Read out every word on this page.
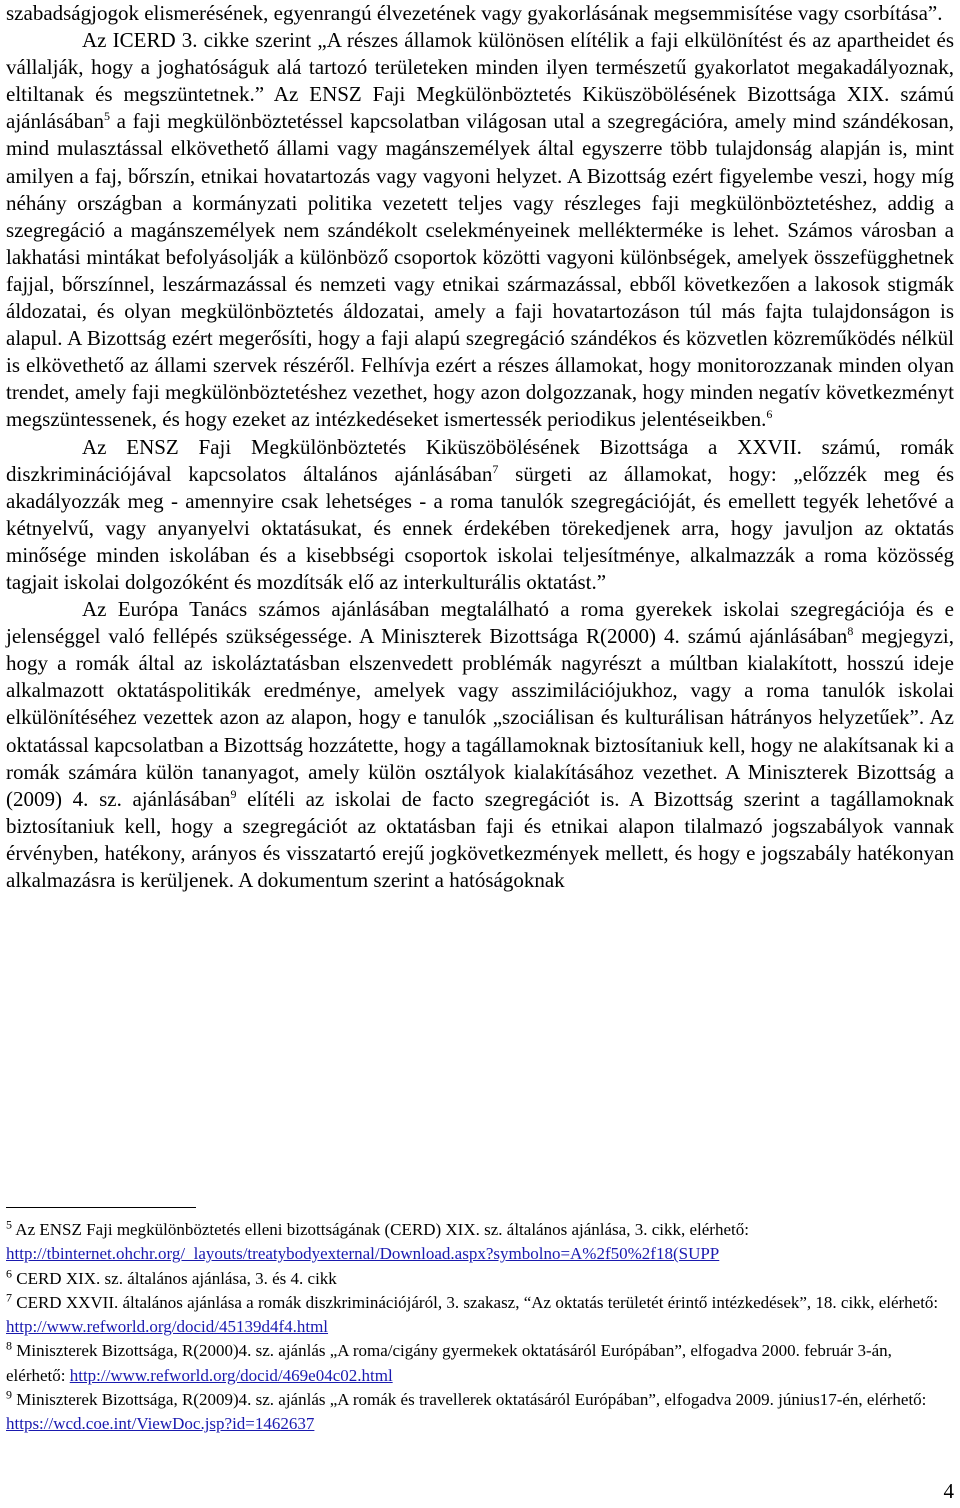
szabadságjogok elismerésének, egyenrangú élvezetének vagy gyakorlásának megsemmisítése vagy csorbítása”.

Az ICERD 3. cikke szerint „A részes államok különösen elítélik a faji elkülönítést és az apartheidet és vállalják, hogy a joghatóságuk alá tartozó területeken minden ilyen természetű gyakorlatot megakadályoznak, eltiltanak és megszüntetnek.” Az ENSZ Faji Megkülönböztetés Kiküszöbölésének Bizottsága XIX. számú ajánlásában$^5$ a faji megkülönböztetéssel kapcsolatban világosan utal a szegregációra, amely mind szándékosan, mind mulasztással elkövethető állami vagy magánszemélyek által egyszerre több tulajdonság alapján is, mint amilyen a faj, bőrszín, etnikai hovatartozás vagy vagyoni helyzet. A Bizottság ezért figyelembe veszi, hogy míg néhány országban a kormányzati politika vezetett teljes vagy részleges faji megkülönböztetéshez, addig a szegregáció a magánszemélyek nem szándékolt cselekményeinek mellékterméke is lehet. Számos városban a lakhatási mintákat befolyásolják a különböző csoportok közötti vagyoni különbségek, amelyek összefügghetnek fajjal, bőrszínnel, leszármazással és nemzeti vagy etnikai származással, ebből következően a lakosok stigmák áldozatai, és olyan megkülönböztetés áldozatai, amely a faji hovatartozáson túl más fajta tulajdonságon is alapul. A Bizottság ezért megerősíti, hogy a faji alapú szegregáció szándékos és közvetlen közreműködés nélkül is elkövethető az állami szervek részéről. Felhívja ezért a részes államokat, hogy monitorozzanak minden olyan trendet, amely faji megkülönböztetéshez vezethet, hogy azon dolgozzanak, hogy minden negatív következményt megszüntessenek, és hogy ezeket az intézkedéseket ismertessék periodikus jelentéseikben.$^6$

Az ENSZ Faji Megkülönböztetés Kiküszöbölésének Bizottsága a XXVII. számú, romák diszkriminációjával kapcsolatos általános ajánlásában$^7$ sürgeti az államokat, hogy: „előzzék meg és akadályozzák meg - amennyire csak lehetséges - a roma tanulók szegregációját, és emellett tegyék lehetővé a kétnyelvű, vagy anyanyelvi oktatásukat, és ennek érdekében törekedjenek arra, hogy javuljon az oktatás minősége minden iskolában és a kisebbségi csoportok iskolai teljesítménye, alkalmazzák a roma közösség tagjait iskolai dolgozóként és mozdítsák elő az interkulturális oktatást.”

Az Európa Tanács számos ajánlásában megtalálható a roma gyerekek iskolai szegregációja és e jelenséggel való fellépés szükségessége. A Miniszterek Bizottsága R(2000) 4. számú ajánlásában$^8$ megjegyzi, hogy a romák által az iskoláztatásban elszenvedett problémák nagyrészt a múltban kialakított, hosszú ideje alkalmazott oktatáspolitikák eredménye, amelyek vagy asszimilációjukhoz, vagy a roma tanulók iskolai elkülönítéséhez vezettek azon az alapon, hogy e tanulók „szociálisan és kulturálisan hátrányos helyzetűek”. Az oktatással kapcsolatban a Bizottság hozzátette, hogy a tagállamoknak biztosítaniuk kell, hogy ne alakítsanak ki a romák számára külön tananyagot, amely külön osztályok kialakításához vezethet. A Miniszterek Bizottság a (2009) 4. sz. ajánlásában$^9$ elítéli az iskolai de facto szegregációt is. A Bizottság szerint a tagállamoknak biztosítaniuk kell, hogy a szegregációt az oktatásban faji és etnikai alapon tilalmazó jogszabályok vannak érvényben, hatékony, arányos és visszatartó erejű jogkövetkezmények mellett, és hogy e jogszabály hatékonyan alkalmazásra is kerüljenek. A dokumentum szerint a hatóságoknak

$^5$ Az ENSZ Faji megkülönböztetés elleni bizottságának (CERD) XIX. sz. általános ajánlása, 3. cikk, elérhető: http://tbinternet.ohchr.org/_layouts/treatybodyexternal/Download.aspx?symbolno=A%2f50%2f18(SUPP

$^6$ CERD XIX. sz. általános ajánlása, 3. és 4. cikk

$^7$ CERD XXVII. általános ajánlása a romák diszkriminációjáról, 3. szakasz, “Az oktatás területét érintő intézkedések”, 18. cikk, elérhető: http://www.refworld.org/docid/45139d4f4.html

$^8$ Miniszterek Bizottsága, R(2000)4. sz. ajánlás „A roma/cigány gyermekek oktatásáról Európában”, elfogadva 2000. február 3-án, elérhető: http://www.refworld.org/docid/469e04c02.html

$^9$ Miniszterek Bizottsága, R(2009)4. sz. ajánlás „A romák és travellerek oktatásáról Európában”, elfogadva 2009. június17-én, elérhető: https://wcd.coe.int/ViewDoc.jsp?id=1462637

4
